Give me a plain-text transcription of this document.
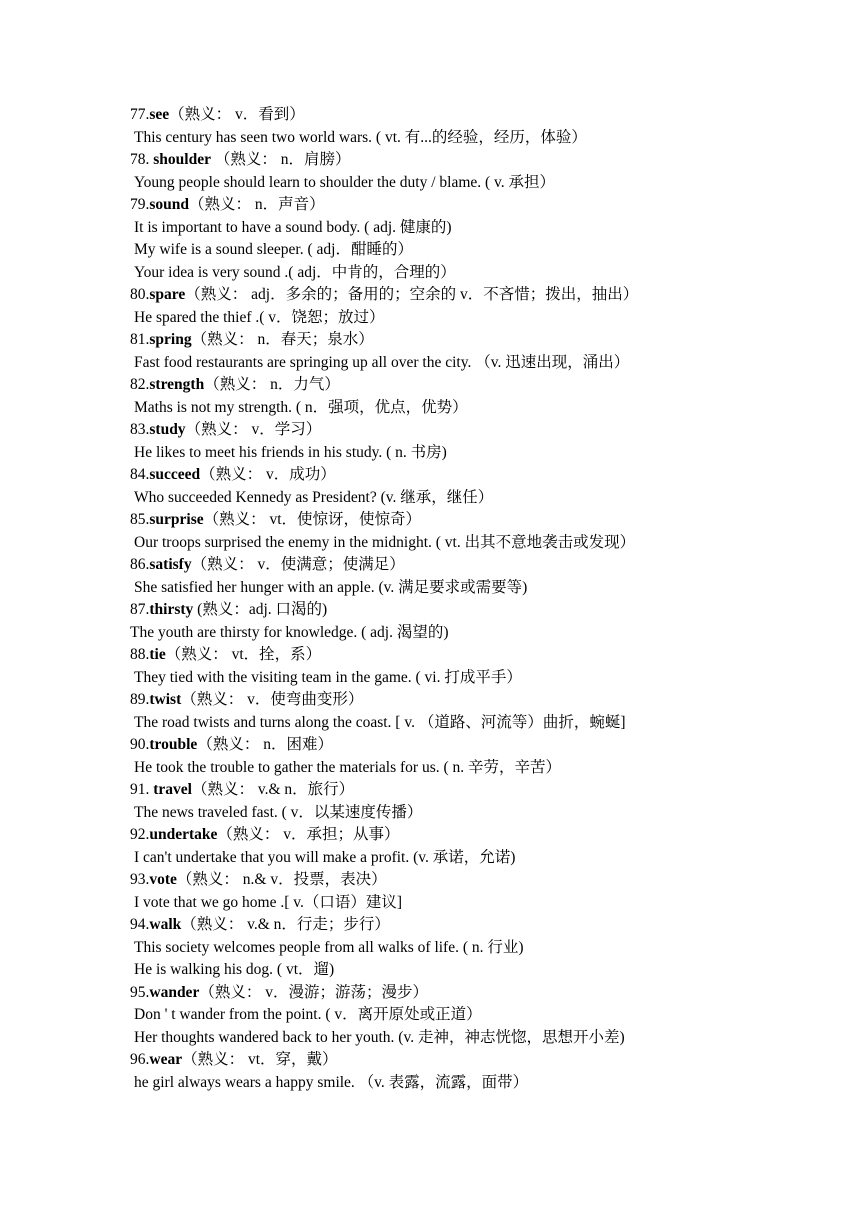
77.see（熟义： v．看到）
This century has seen two world wars. ( vt. 有...的经验，经历，体验）
78. shoulder （熟义： n．肩膀）
Young people should learn to shoulder the duty / blame. ( v. 承担）
79.sound（熟义： n．声音）
It is important to have a sound body. ( adj. 健康的)
My wife is a sound sleeper. ( adj．酣睡的）
Your idea is very sound .( adj．中肯的，合理的）
80.spare（熟义： adj．多余的；备用的；空余的 v．不吝惜；拨出，抽出）
He spared the thief .( v．饶恕；放过）
81.spring（熟义： n．春天；泉水）
Fast food restaurants are springing up all over the city. （v. 迅速出现，涌出）
82.strength（熟义： n．力气）
Maths is not my strength. ( n．强项，优点，优势）
83.study（熟义： v．学习）
He likes to meet his friends in his study. ( n. 书房)
84.succeed（熟义： v．成功）
Who succeeded Kennedy as President? (v. 继承，继任）
85.surprise（熟义： vt．使惊讶，使惊奇）
Our troops surprised the enemy in the midnight. ( vt. 出其不意地袭击或发现）
86.satisfy（熟义： v．使满意；使满足）
She satisfied her hunger with an apple. (v. 满足要求或需要等)
87.thirsty (熟义：adj. 口渴的)
The youth are thirsty for knowledge. ( adj. 渴望的)
88.tie（熟义： vt．拴，系）
They tied with the visiting team in the game. ( vi. 打成平手）
89.twist（熟义： v．使弯曲变形）
The road twists and turns along the coast. [ v. （道路、河流等）曲折，蜿蜒]
90.trouble（熟义： n．困难）
He took the trouble to gather the materials for us. ( n. 辛劳，辛苦）
91. travel（熟义： v.& n．旅行）
The news traveled fast. ( v．以某速度传播）
92.undertake（熟义： v．承担；从事）
I can't undertake that you will make a profit. (v. 承诺，允诺)
93.vote（熟义： n.& v．投票，表决）
I vote that we go home .[ v.（口语）建议]
94.walk（熟义： v.& n．行走；步行）
This society welcomes people from all walks of life. ( n. 行业)
He is walking his dog. ( vt．遛)
95.wander（熟义： v．漫游；游荡；漫步）
Don ' t wander from the point. ( v．离开原处或正道）
Her thoughts wandered back to her youth. (v. 走神，神志恍惚，思想开小差)
96.wear（熟义： vt．穿，戴）
he girl always wears a happy smile. （v. 表露，流露，面带）
